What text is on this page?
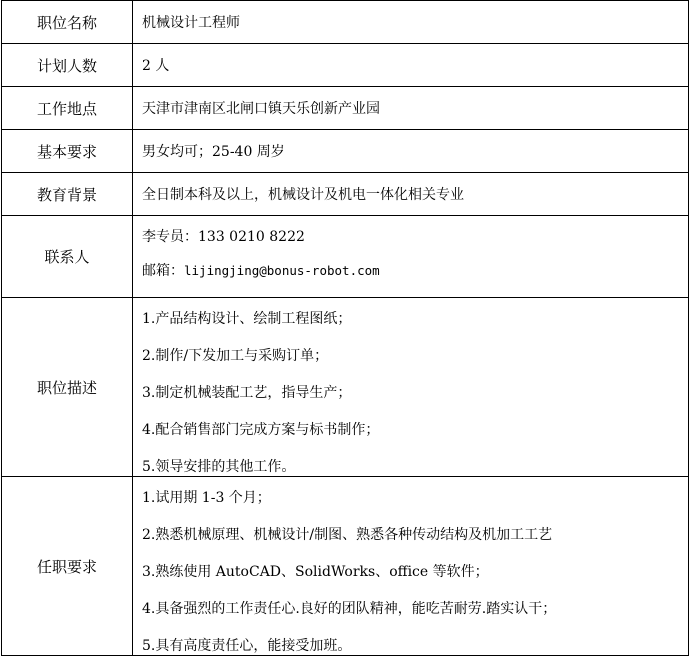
职位名称	机械设计工程师

计划人数	2 人

工作地点	天津市津南区北闸口镇天乐创新产业园

基本要求	男女均可；25-40 周岁

教育背景	全日制本科及以上，机械设计及机电一体化相关专业

联系人	李专员：133 0210 8222
邮箱：lijingjing@bonus-robot.com

职位描述	1.产品结构设计、绘制工程图纸；
2.制作/下发加工与采购订单；
3.制定机械装配工艺，指导生产；
4.配合销售部门完成方案与标书制作；
5.领导安排的其他工作。

任职要求	1.试用期 1-3 个月；
2.熟悉机械原理、机械设计/制图、熟悉各种传动结构及机加工工艺
3.熟练使用 AutoCAD、SolidWorks、office 等软件；
4.具备强烈的工作责任心.良好的团队精神，能吃苦耐劳.踏实认干；
5.具有高度责任心，能接受加班。
